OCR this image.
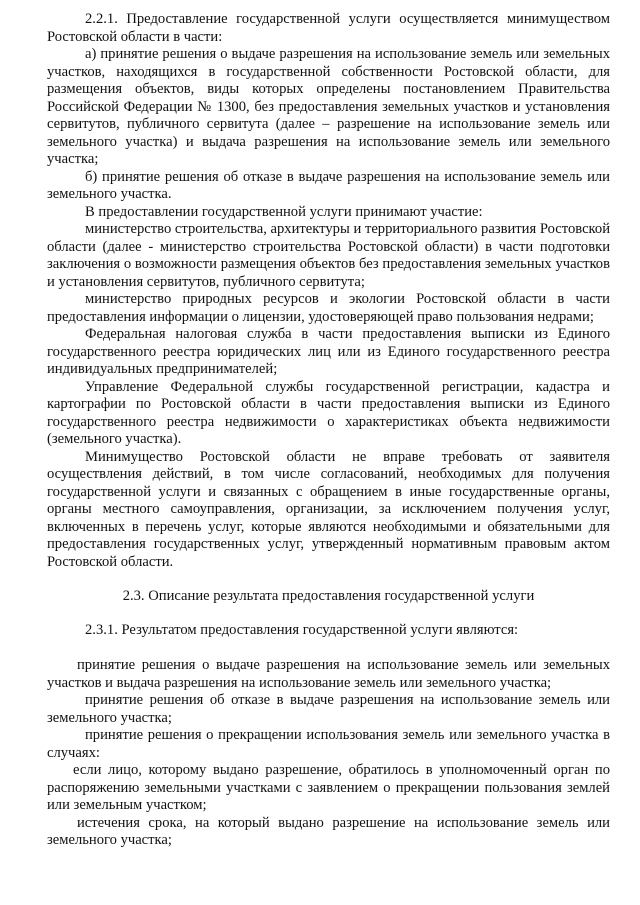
2.2.1. Предоставление государственной услуги осуществляется минимуществом Ростовской области в части:

а) принятие решения о выдаче разрешения на использование земель или земельных участков, находящихся в государственной собственности Ростовской области, для размещения объектов, виды которых определены постановлением Правительства Российской Федерации № 1300, без предоставления земельных участков и установления сервитутов, публичного сервитута (далее – разрешение на использование земель или земельного участка) и выдача разрешения на использование земель или земельного участка;

б) принятие решения об отказе в выдаче разрешения на использование земель или земельного участка.

В предоставлении государственной услуги принимают участие:

министерство строительства, архитектуры и территориального развития Ростовской области (далее - министерство строительства Ростовской области) в части подготовки заключения о возможности размещения объектов без предоставления земельных участков и установления сервитутов, публичного сервитута;

министерство природных ресурсов и экологии Ростовской области в части предоставления информации о лицензии, удостоверяющей право пользования недрами;

Федеральная налоговая служба в части предоставления выписки из Единого государственного реестра юридических лиц или из Единого государственного реестра индивидуальных предпринимателей;

Управление Федеральной службы государственной регистрации, кадастра и картографии по Ростовской области в части предоставления выписки из Единого государственного реестра недвижимости о характеристиках объекта недвижимости (земельного участка).

Минимущество Ростовской области не вправе требовать от заявителя осуществления действий, в том числе согласований, необходимых для получения государственной услуги и связанных с обращением в иные государственные органы, органы местного самоуправления, организации, за исключением получения услуг, включенных в перечень услуг, которые являются необходимыми и обязательными для предоставления государственных услуг, утвержденный нормативным правовым актом Ростовской области.

2.3. Описание результата предоставления государственной услуги

2.3.1. Результатом предоставления государственной услуги являются:

принятие решения о выдаче разрешения на использование земель или земельных участков и выдача разрешения на использование земель или земельного участка;

принятие решения об отказе в выдаче разрешения на использование земель или земельного участка;

принятие решения о прекращении использования земель или земельного участка в случаях:

если лицо, которому выдано разрешение, обратилось в уполномоченный орган по распоряжению земельными участками с заявлением о прекращении пользования землей или земельным участком;

истечения срока, на который выдано разрешение на использование земель или земельного участка;
